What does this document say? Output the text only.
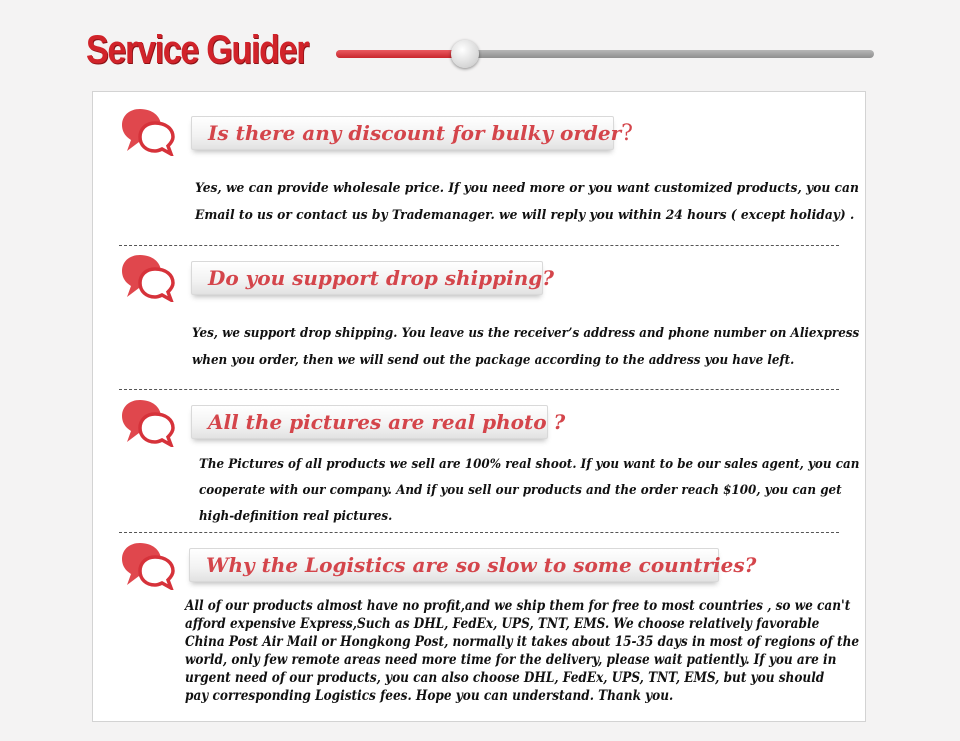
Service Guider
Is there any discount for bulky order?

Yes, we can provide wholesale price. If you need more or you want customized products, you can

Email to us or contact us by Trademanager. we will reply you within 24 hours ( except holiday) .

Do you support drop shipping?

Yes, we support drop shipping. You leave us the receiver’s address and phone number on Aliexpress

when you order, then we will send out the package according to the address you have left.

All the pictures are real photo ?

The Pictures of all products we sell are 100% real shoot. If you want to be our sales agent, you can

cooperate with our company. And if you sell our products and the order reach $100, you can get

high-definition real pictures.

Why the Logistics are so slow to some countries?

All of our products almost have no profit,and we ship them for free to most countries , so we can't

afford expensive Express,Such as DHL, FedEx, UPS, TNT, EMS. We choose relatively favorable

China Post Air Mail or Hongkong Post, normally it takes about 15-35 days in most of regions of the

world, only few remote areas need more time for the delivery, please wait patiently. If you are in

urgent need of our products, you can also choose DHL, FedEx, UPS, TNT, EMS, but you should

pay corresponding Logistics fees. Hope you can understand. Thank you.
